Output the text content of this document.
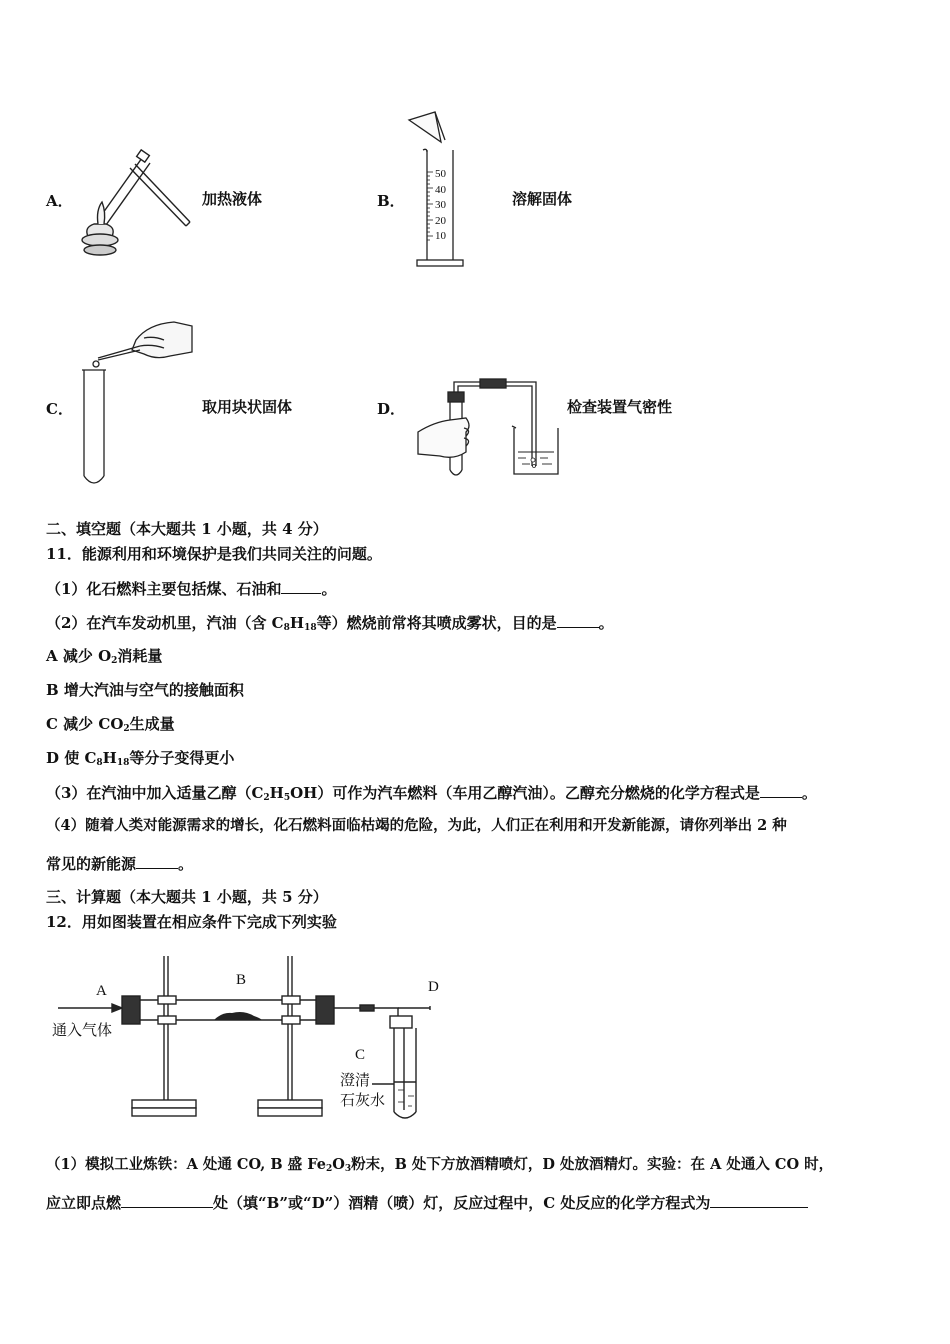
A．	加热液体	B．
50
40
30
20
10
溶解固体
C．	取用块状固体	D．	检查装置气密性
二、填空题（本大题共 1 小题，共 4 分）
11．能源利用和环境保护是我们共同关注的问题。
（1）化石燃料主要包括煤、石油和	。
（2）在汽车发动机里，汽油（含 $C_8H_{18}$等）燃烧前常将其喷成雾状，目的是	。
A 减少 $O_2$消耗量
B 增大汽油与空气的接触面积
C 减少 $CO_2$生成量
D 使 $C_8H_{18}$等分子变得更小
（3）在汽油中加入适量乙醇$(C_2H_5OH)$可作为汽车燃料（车用乙醇汽油）。乙醇充分燃烧的化学方程式是	。
（4）随着人类对能源需求的增长，化石燃料面临枯竭的危险，为此，人们正在利用和开发新能源，请你列举出 2 种
常见的新能源	。
三、计算题（本大题共 1 小题，共 5 分）
12．用如图装置在相应条件下完成下列实验
A
B
C
D
通入气体
澄清
石灰水
（1）模拟工业炼铁：A 处通 CO, B 盛 $Fe_2O_3$粉末，B 处下方放酒精喷灯，D 处放酒精灯。实验：在 A 处通入 CO 时，
应立即点燃	处（填“B”或“D”）酒精（喷）灯，反应过程中，C 处反应的化学方程式为
